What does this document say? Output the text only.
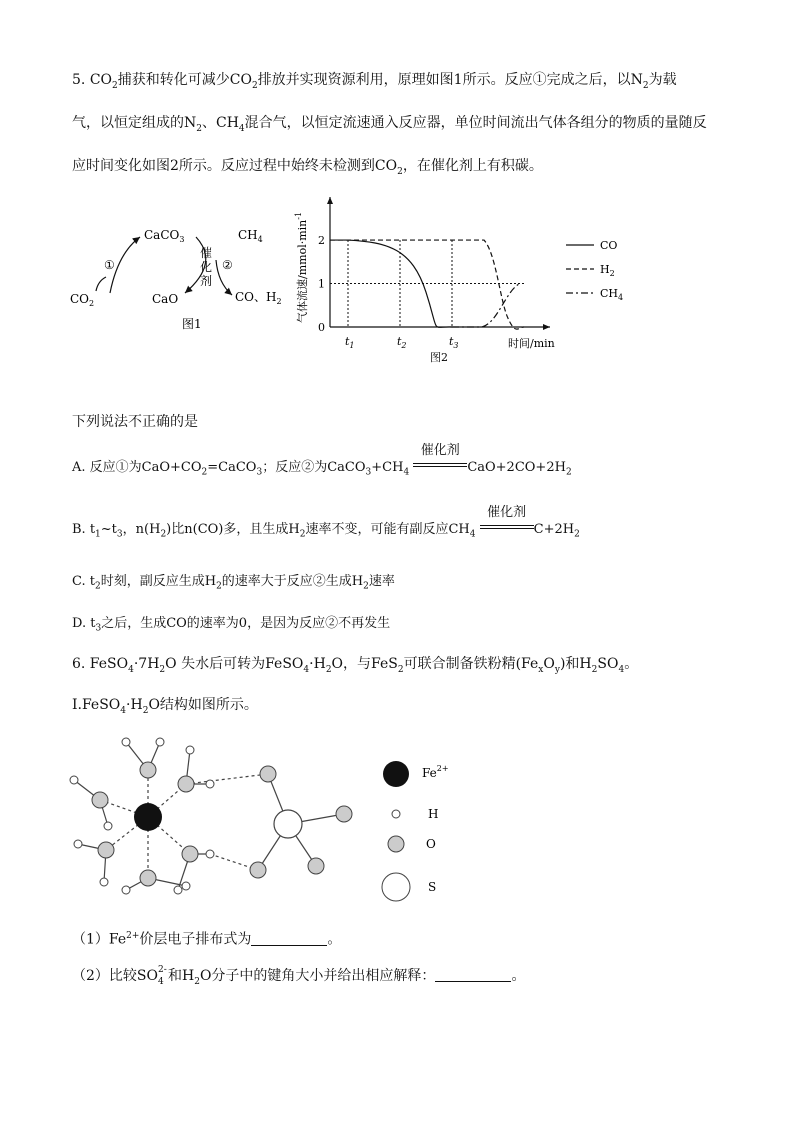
5. $CO_2$捕获和转化可减少$CO_2$排放并实现资源利用，原理如图1所示。反应①完成之后，以$N_2$为载
气，以恒定组成的$N_2$、$CH_4$混合气，以恒定流速通入反应器，单位时间流出气体各组分的物质的量随反
应时间变化如图2所示。反应过程中始终未检测到$CO_2$，在催化剂上有积碳。
CaCO$_3$	$CH_4$
催
化
剂
①	②
$CO_2$	CaO	CO、$H_2$
图1	0
1
2
$t_1$	$t_2$	$t_3$
气体流速$/mmol\cdot\min^{-1}$
时间/min
图2
CO
$H_2$
$CH_4$
下列说法不正确的是
A. 反应①为$CaO+CO_2=CaCO_3$；反应②为$CaCO_3+CH_4$
催化剂
$CaO+2CO+2H_2$
B. $t_1\sim t_3$，$n(H_2)$比n(CO)多，且生成$H_2$速率不变，可能有副反应$CH_4$
催化剂
$C+2H_2$
C. $t_2$时刻，副反应生成$H_2$的速率大于反应②生成$H_2$速率
D. $t_3$之后，生成CO的速率为0，是因为反应②不再发生
6. $FeSO_4\cdot 7H_2O$ 失水后可转为$FeSO_4\cdot H_2O$，与FeS$_2$可联合制备铁粉精$(Fe_xO_y)$和$H_2SO_4$。
$I.FeSO_4\cdot H_2O$结构如图所示。
$Fe^{2+}$
H
O
S
$(1)Fe^{2+}$价层电子排布式为	。
（2）比较SO 2-
4 和$H_2O$分子中的键角大小并给出相应解释：	。
